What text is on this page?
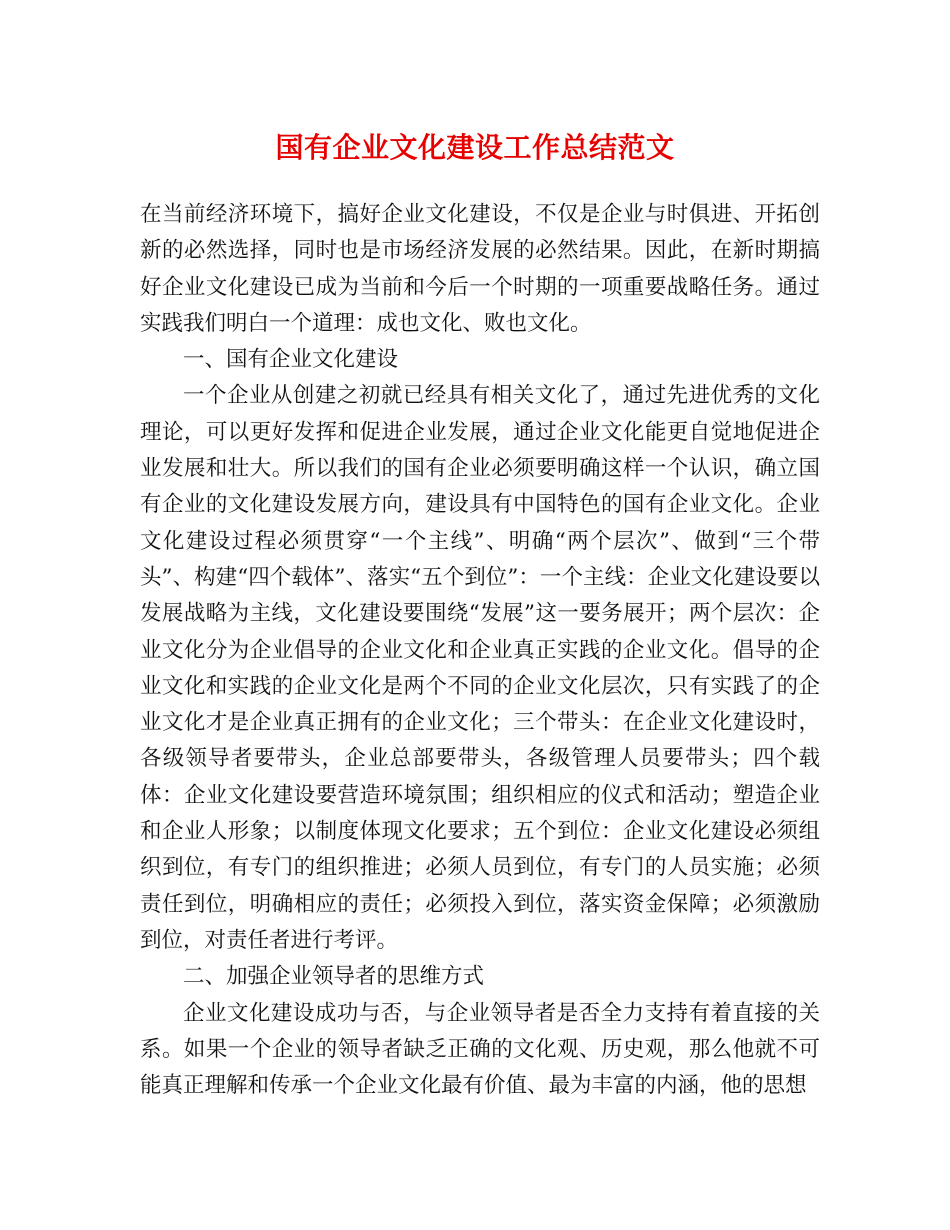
国有企业文化建设工作总结范文

在当前经济环境下，搞好企业文化建设，不仅是企业与时俱进、开拓创新的必然选择，同时也是市场经济发展的必然结果。因此，在新时期搞好企业文化建设已成为当前和今后一个时期的一项重要战略任务。通过实践我们明白一个道理：成也文化、败也文化。

一、国有企业文化建设

一个企业从创建之初就已经具有相关文化了，通过先进优秀的文化理论，可以更好发挥和促进企业发展，通过企业文化能更自觉地促进企业发展和壮大。所以我们的国有企业必须要明确这样一个认识，确立国有企业的文化建设发展方向，建设具有中国特色的国有企业文化。企业文化建设过程必须贯穿“一个主线”、明确“两个层次”、做到“三个带头”、构建“四个载体”、落实“五个到位”：一个主线：企业文化建设要以发展战略为主线，文化建设要围绕“发展”这一要务展开；两个层次：企业文化分为企业倡导的企业文化和企业真正实践的企业文化。倡导的企业文化和实践的企业文化是两个不同的企业文化层次，只有实践了的企业文化才是企业真正拥有的企业文化；三个带头：在企业文化建设时，各级领导者要带头，企业总部要带头，各级管理人员要带头；四个载体：企业文化建设要营造环境氛围；组织相应的仪式和活动；塑造企业和企业人形象；以制度体现文化要求；五个到位：企业文化建设必须组织到位，有专门的组织推进；必须人员到位，有专门的人员实施；必须责任到位，明确相应的责任；必须投入到位，落实资金保障；必须激励到位，对责任者进行考评。

二、加强企业领导者的思维方式

企业文化建设成功与否，与企业领导者是否全力支持有着直接的关系。如果一个企业的领导者缺乏正确的文化观、历史观，那么他就不可能真正理解和传承一个企业文化最有价值、最为丰富的内涵，他的思想
